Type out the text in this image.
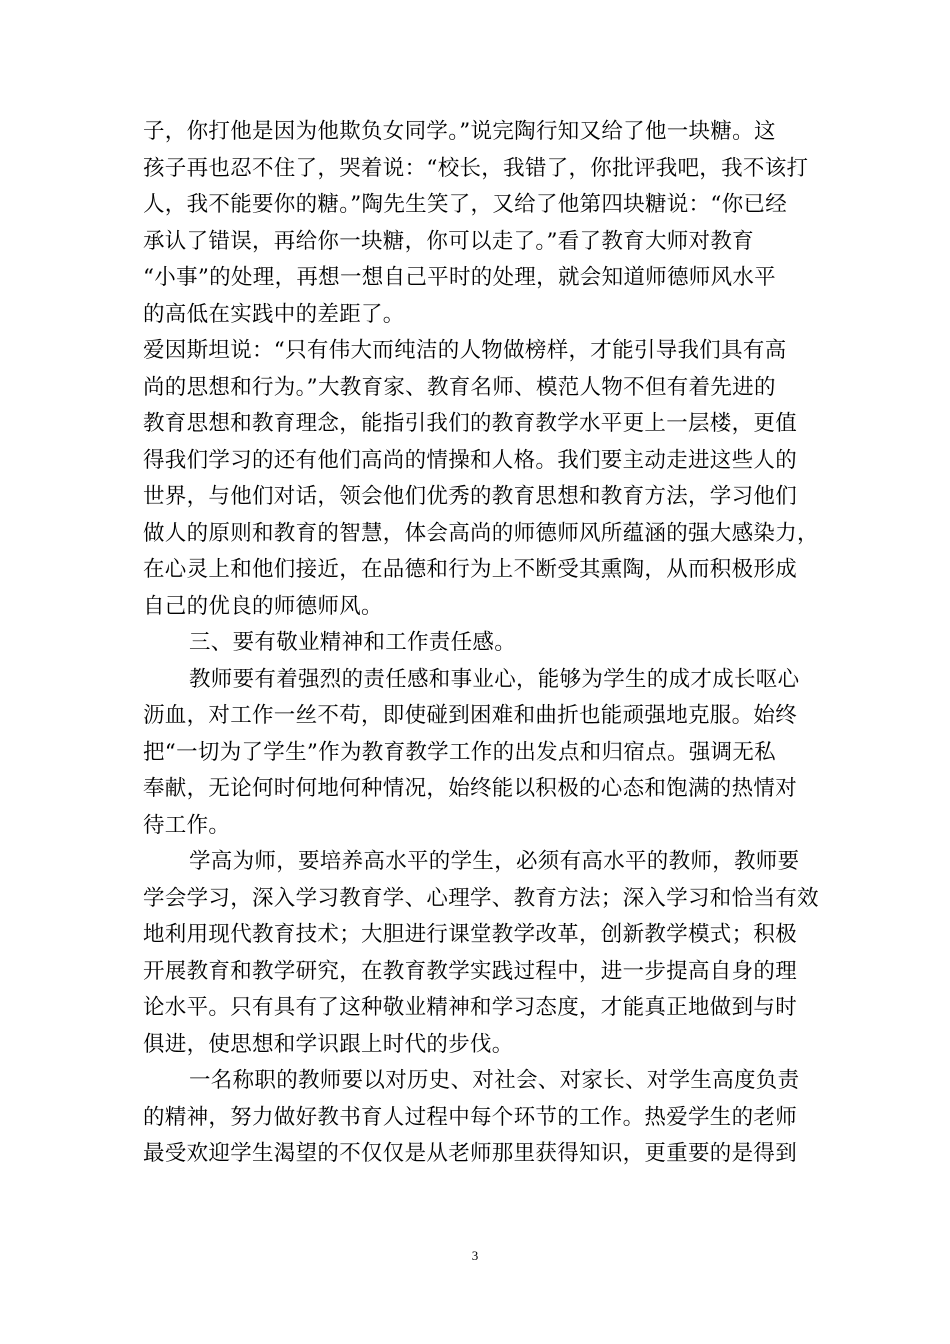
子，你打他是因为他欺负女同学。”说完陶行知又给了他一块糖。这
孩子再也忍不住了，哭着说：“校长，我错了，你批评我吧，我不该打
人，我不能要你的糖。”陶先生笑了，又给了他第四块糖说：“你已经
承认了错误，再给你一块糖，你可以走了。”看了教育大师对教育
“小事”的处理，再想一想自己平时的处理，就会知道师德师风水平
的高低在实践中的差距了。
爱因斯坦说：“只有伟大而纯洁的人物做榜样，才能引导我们具有高
尚的思想和行为。”大教育家、教育名师、模范人物不但有着先进的
教育思想和教育理念，能指引我们的教育教学水平更上一层楼，更值
得我们学习的还有他们高尚的情操和人格。我们要主动走进这些人的
世界，与他们对话，领会他们优秀的教育思想和教育方法，学习他们
做人的原则和教育的智慧，体会高尚的师德师风所蕴涵的强大感染力，
在心灵上和他们接近，在品德和行为上不断受其熏陶，从而积极形成
自己的优良的师德师风。
三、要有敬业精神和工作责任感。
教师要有着强烈的责任感和事业心，能够为学生的成才成长呕心
沥血，对工作一丝不苟，即使碰到困难和曲折也能顽强地克服。始终
把“一切为了学生”作为教育教学工作的出发点和归宿点。强调无私
奉献，无论何时何地何种情况，始终能以积极的心态和饱满的热情对
待工作。
学高为师，要培养高水平的学生，必须有高水平的教师，教师要
学会学习，深入学习教育学、心理学、教育方法；深入学习和恰当有效
地利用现代教育技术；大胆进行课堂教学改革，创新教学模式；积极
开展教育和教学研究，在教育教学实践过程中，进一步提高自身的理
论水平。只有具有了这种敬业精神和学习态度，才能真正地做到与时
俱进，使思想和学识跟上时代的步伐。
一名称职的教师要以对历史、对社会、对家长、对学生高度负责
的精神，努力做好教书育人过程中每个环节的工作。热爱学生的老师
最受欢迎学生渴望的不仅仅是从老师那里获得知识，更重要的是得到
3
